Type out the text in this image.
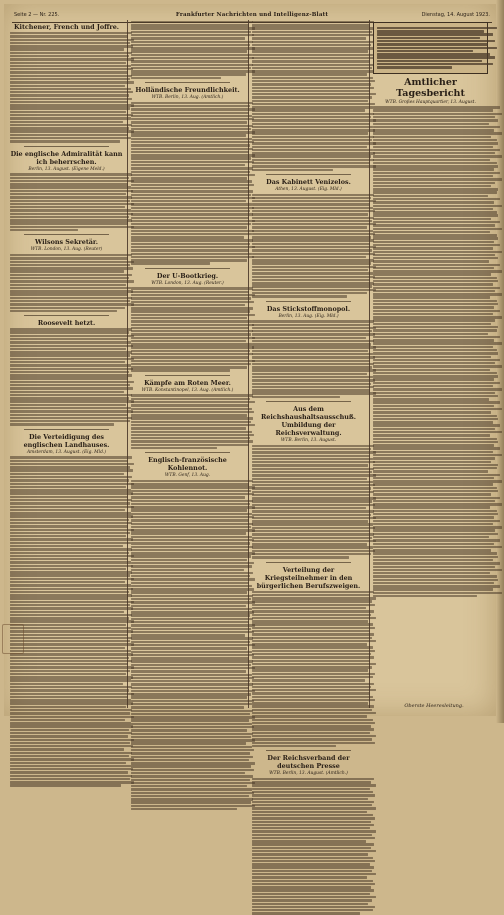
Seite 2 — Nr. 225.	Frankfurter Nachrichten und Intelligenz-Blatt	Dienstag, 14. August 1923.
Kitchener, French und Joffre.
Die englische Admiralität kann ich beherrschen.
Berlin, 13. August. (Eigene Meld.)
Wilsons Sekretär.
WTB. London, 13. Aug. (Reuter)
Roosevelt hetzt.
Die Verteidigung des englischen Landhauses.
Amsterdam, 13. August. (Eig. Mld.)
Holländische Freundlichkeit.
WTB. Berlin, 13. Aug. (Amtlich.)
Der U-Bootkrieg.
WTB. London, 13. Aug. (Reuter.)
Kämpfe am Roten Meer.
WTB. Konstantinopel, 13. Aug. (Amtlich.)
Englisch-französische Kohlennot.
WTB. Genf, 13. Aug.
Das Kabinett Venizelos.
Athen, 13. August. (Eig. Mld.)
Das Stickstoffmonopol.
Berlin, 13. Aug. (Eig. Mld.)
Aus dem Reichshaushaltsausschuß. Umbildung der Reichsverwaltung.
WTB. Berlin, 13. August.
Verteilung der Kriegsteilnehmer in den bürgerlichen Berufszweigen.
Der Reichsverband der deutschen Presse
WTB. Berlin, 13. August. (Amtlich.)
Amtlicher Tagesbericht
WTB. Großes Hauptquartier, 13. August.
Oberste Heeresleitung.
